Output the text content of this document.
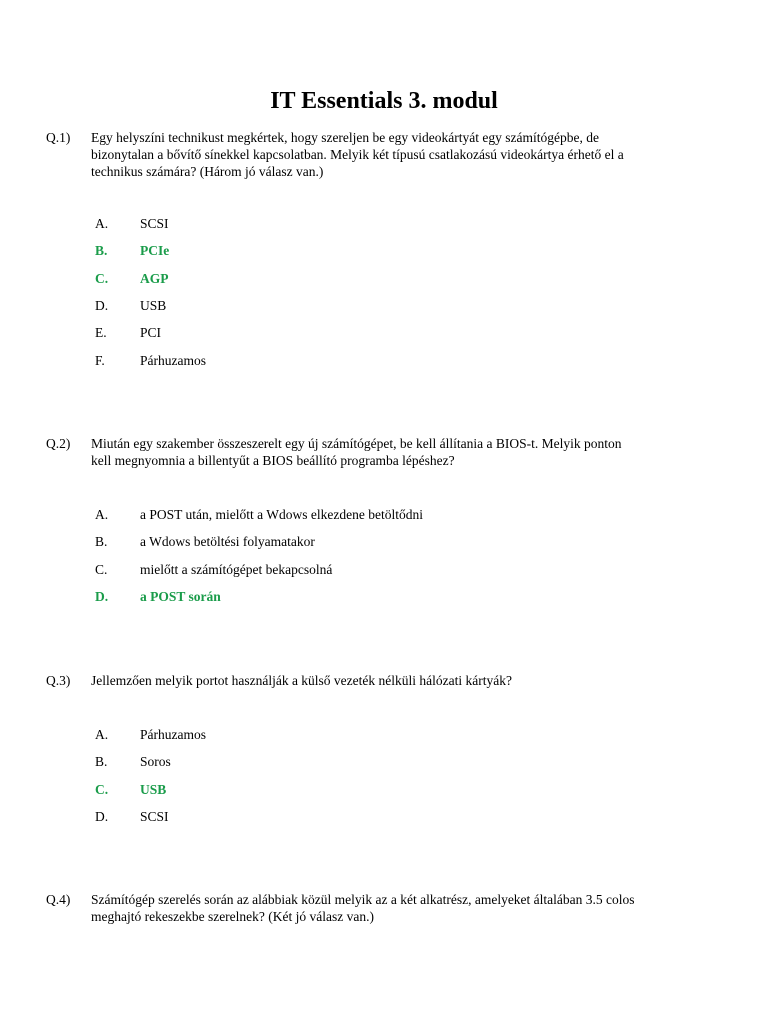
IT Essentials 3. modul
Q.1) Egy helyszíni technikust megkértek, hogy szereljen be egy videokártyát egy számítógépbe, de
bizonytalan a bővítő sínekkel kapcsolatban. Melyik két típusú csatlakozású videokártya érhető el a
technikus számára? (Három jó válasz van.)
A. SCSI
B. PCIe
C. AGP
D. USB
E. PCI
F.	Párhuzamos
Q.2) Miután egy szakember összeszerelt egy új számítógépet, be kell állítania a BIOS-t. Melyik ponton
kell megnyomnia a billentyűt a BIOS beállító programba lépéshez?
A. a POST után, mielőtt a Wdows elkezdene betöltődni
B. a Wdows betöltési folyamatakor
C. mielőtt a számítógépet bekapcsolná
D. a POST során
Q.3) Jellemzően melyik portot használják a külső vezeték nélküli hálózati kártyák?
A. Párhuzamos
B. Soros
C. USB
D. SCSI
Q.4) Számítógép szerelés során az alábbiak közül melyik az a két alkatrész, amelyeket általában 3.5 colos
meghajtó rekeszekbe szerelnek? (Két jó válasz van.)
